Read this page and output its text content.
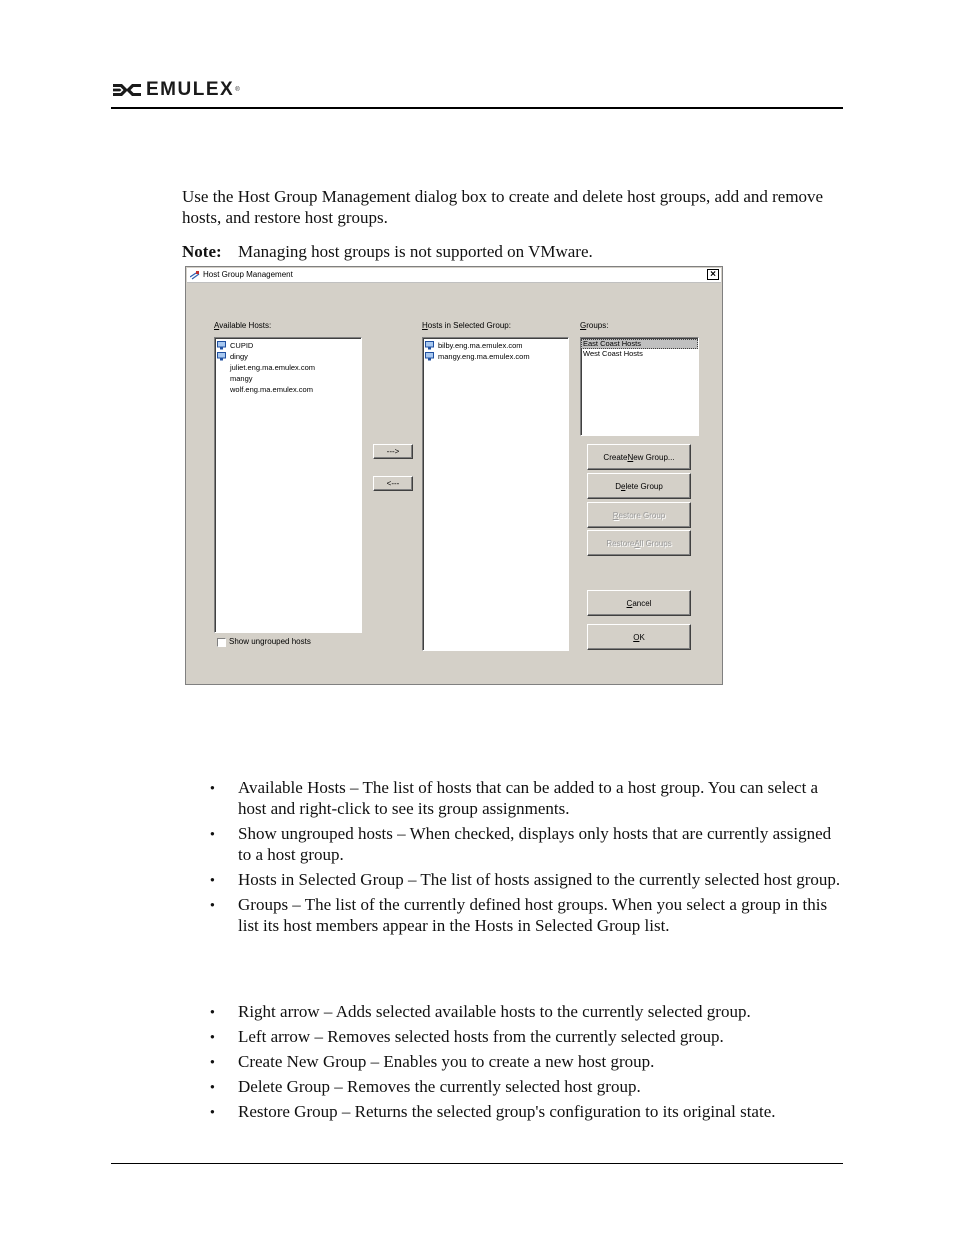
EMULEX ®
Use the Host Group Management dialog box to create and delete host groups, add and remove hosts, and restore host groups.
Note: Managing host groups is not supported on VMware.
Host Group Management	×
Available Hosts:
CUPID
dingy
juliet.eng.ma.emulex.com
mangy
wolf.eng.ma.emulex.com
Show ungrouped hosts
--->
<---
Hosts in Selected Group:
bilby.eng.ma.emulex.com
mangy.eng.ma.emulex.com
Groups:
East Coast Hosts
West Coast Hosts
Create N ew Group...
D e lete Group
R estore Group
Restore A ll Groups
C ancel
O K
● Available Hosts – The list of hosts that can be added to a host group. You can select a host and right-click to see its group assignments.
● Show ungrouped hosts – When checked, displays only hosts that are currently assigned to a host group.
● Hosts in Selected Group – The list of hosts assigned to the currently selected host group.
● Groups – The list of the currently defined host groups. When you select a group in this list its host members appear in the Hosts in Selected Group list.
● Right arrow – Adds selected available hosts to the currently selected group.
● Left arrow – Removes selected hosts from the currently selected group.
● Create New Group – Enables you to create a new host group.
● Delete Group – Removes the currently selected host group.
● Restore Group – Returns the selected group's configuration to its original state.
